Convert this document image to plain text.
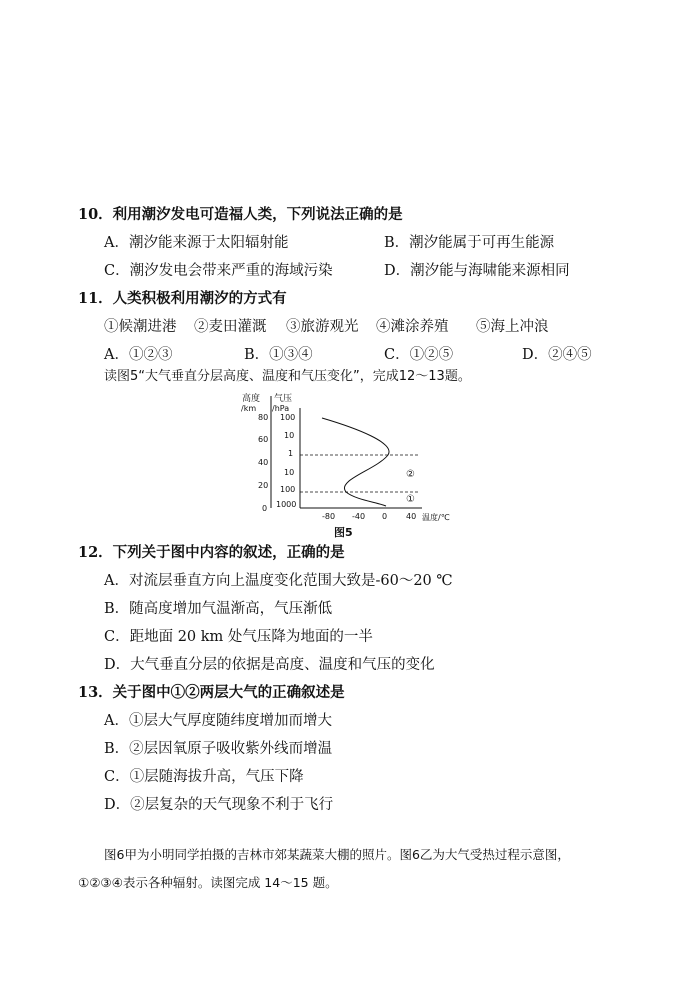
10．利用潮汐发电可造福人类，下列说法正确的是
A．潮汐能来源于太阳辐射能	B．潮汐能属于可再生能源
C．潮汐发电会带来严重的海域污染	D．潮汐能与海啸能来源相同
11．人类积极利用潮汐的方式有
①候潮进港 ②麦田灌溉 ③旅游观光 ④滩涂养殖 ⑤海上冲浪
A．①②③	B．①③④	C．①②⑤	D．②④⑤
读图5“大气垂直分层高度、温度和气压变化”，完成12～13题。
高度
/km
气压
/hPa
80
60
40
20
0
100
10
1
10
100
1000
②
①
-80 -40 0 40 温度/℃
图5
12．下列关于图中内容的叙述，正确的是
A．对流层垂直方向上温度变化范围大致是-60～20 ℃
B．随高度增加气温渐高，气压渐低
C．距地面 20 km 处气压降为地面的一半
D．大气垂直分层的依据是高度、温度和气压的变化
13．关于图中①②两层大气的正确叙述是
A．①层大气厚度随纬度增加而增大
B．②层因氧原子吸收紫外线而增温
C．①层随海拔升高，气压下降
D．②层复杂的天气现象不利于飞行
图6甲为小明同学拍摄的吉林市郊某蔬菜大棚的照片。图6乙为大气受热过程示意图，
①②③④表示各种辐射。读图完成 14～15 题。
